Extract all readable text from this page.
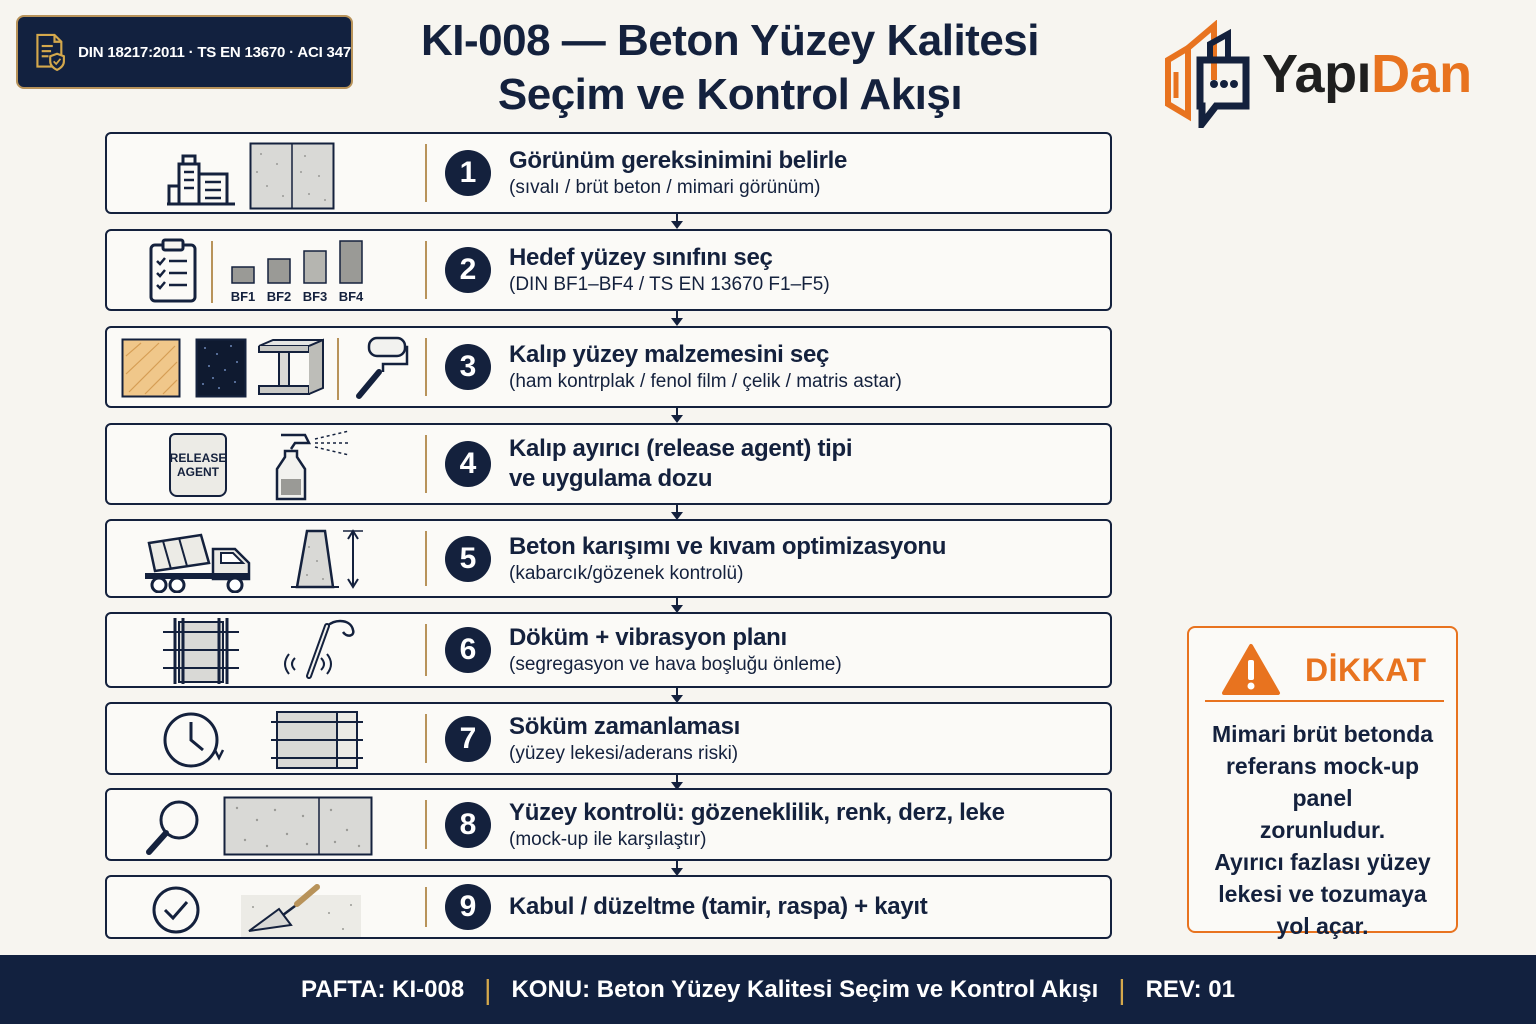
DIN 18217:2011 · TS EN 13670 · ACI 347	KI-008 — Beton Yüzey Kalitesi
Seçim ve Kontrol Akışı	YapıDan
1	Görünüm gereksinimini belirle
(sıvalı / brüt beton / mimari görünüm)
BF1 BF2 BF3 BF4
2	Hedef yüzey sınıfını seç
(DIN BF1–BF4 / TS EN 13670 F1–F5)
3	Kalıp yüzey malzemesini seç
(ham kontrplak / fenol film / çelik / matris astar)
RELEASE
AGENT	4	Kalıp ayırıcı (release agent) tipi
ve uygulama dozu
5	Beton karışımı ve kıvam optimizasyonu
(kabarcık/gözenek kontrolü)
6	Döküm + vibrasyon planı
(segregasyon ve hava boşluğu önleme)
7	Söküm zamanlaması
(yüzey lekesi/aderans riski)
8	Yüzey kontrolü: gözeneklilik, renk, derz, leke
(mock-up ile karşılaştır)
9	Kabul / düzeltme (tamir, raspa) + kayıt
DİKKAT
Mimari brüt betonda
referans mock-up panel
zorunludur.
Ayırıcı fazlası yüzey
lekesi ve tozumaya
yol açar.
PAFTA: KI-008 | KONU: Beton Yüzey Kalitesi Seçim ve Kontrol Akışı | REV: 01
